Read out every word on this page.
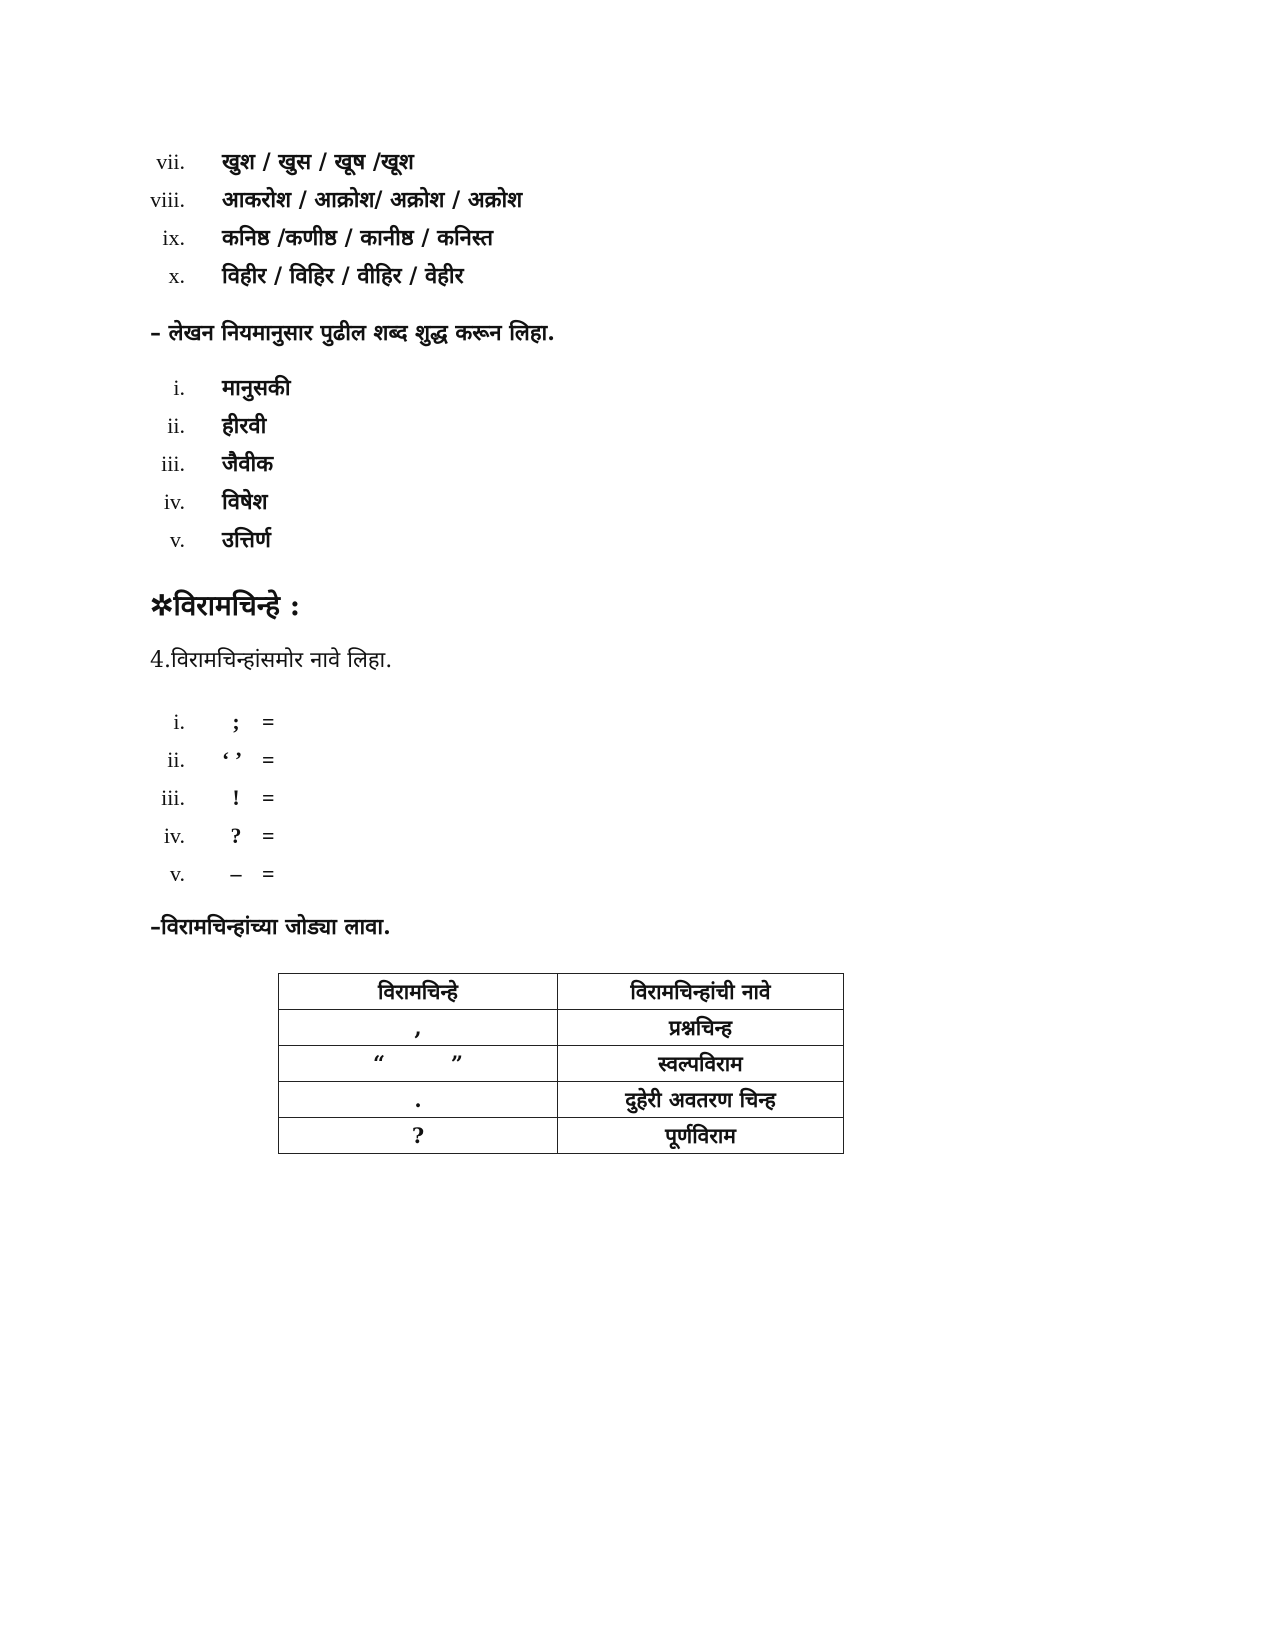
vii. खुश / खुस / खूष /खूश
viii. आकरोश / आक्रोश/ अक्रोश / अक्रोश
ix. कनिष्ठ /कणीष्ठ / कानीष्ठ / कनिस्त
x. विहीर / विहिर / वीहिर / वेहीर
– लेखन नियमानुसार पुढील शब्द शुद्ध करून लिहा.
i. मानुसकी
ii. हीरवी
iii. जैवीक
iv. विषेश
v. उत्तिर्ण
✲विरामचिन्हे :
4.विरामचिन्हांसमोर नावे लिहा.
i.	;	=
ii. ‘ ’ =
iii.	!	=
iv.	? =
v.	– =
–विरामचिन्हांच्या जोड्या लावा.
विरामचिन्हे	विरामचिन्हांची नावे
,	प्रश्नचिन्ह
“         ”	स्वल्पविराम
.	दुहेरी अवतरण चिन्ह
?	पूर्णविराम
